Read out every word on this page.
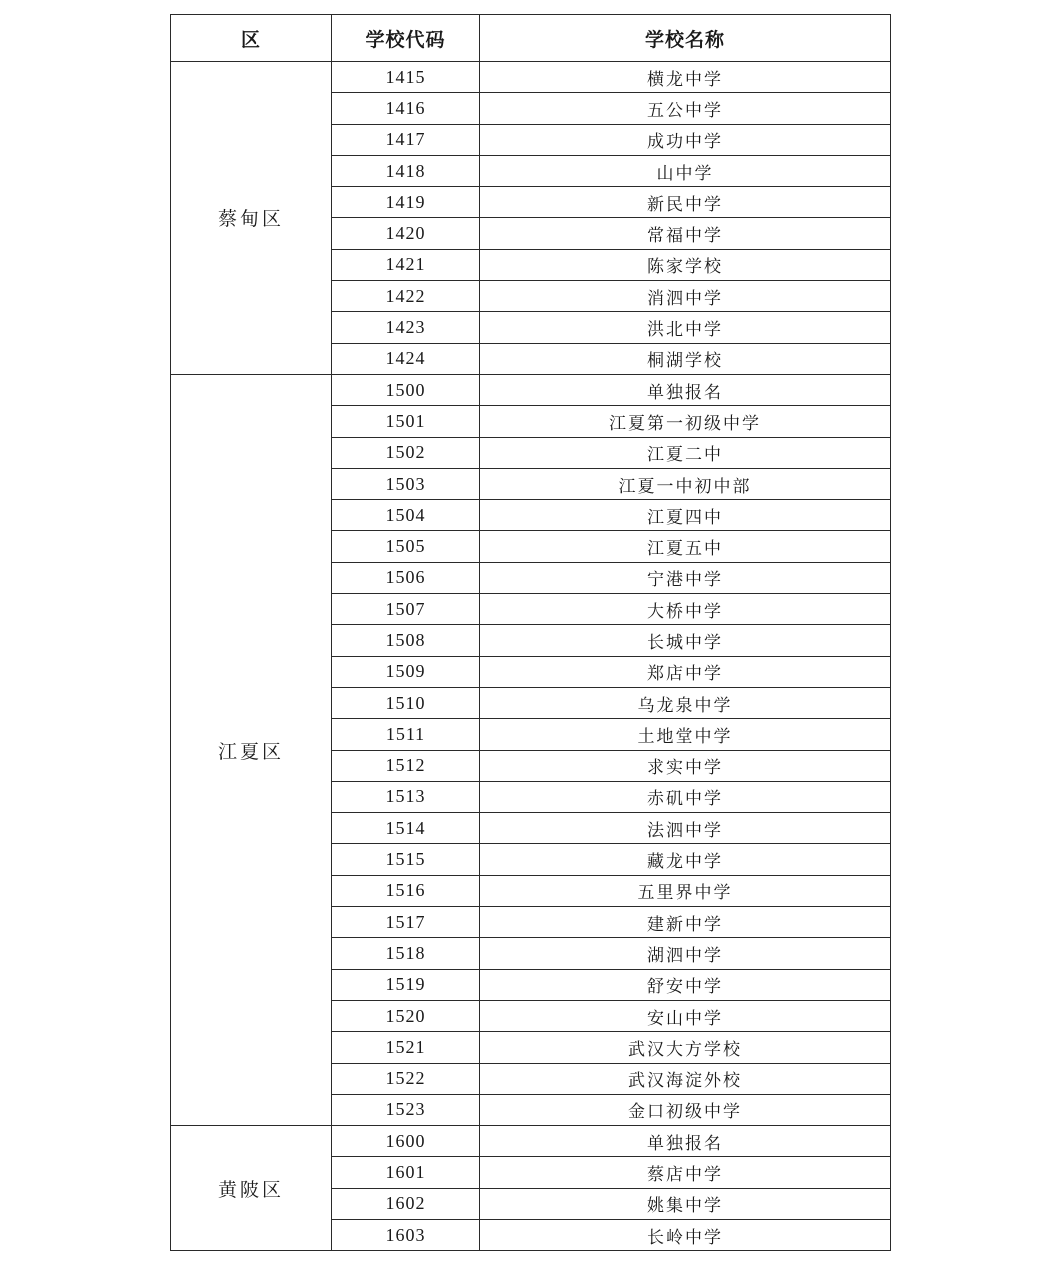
区	学校代码	学校名称
蔡甸区	1415	横龙中学
	1416	五公中学
	1417	成功中学
	1418	山中学
	1419	新民中学
	1420	常福中学
	1421	陈家学校
	1422	消泗中学
	1423	洪北中学
	1424	桐湖学校
江夏区	1500	单独报名
	1501	江夏第一初级中学
	1502	江夏二中
	1503	江夏一中初中部
	1504	江夏四中
	1505	江夏五中
	1506	宁港中学
	1507	大桥中学
	1508	长城中学
	1509	郑店中学
	1510	乌龙泉中学
	1511	土地堂中学
	1512	求实中学
	1513	赤矶中学
	1514	法泗中学
	1515	藏龙中学
	1516	五里界中学
	1517	建新中学
	1518	湖泗中学
	1519	舒安中学
	1520	安山中学
	1521	武汉大方学校
	1522	武汉海淀外校
	1523	金口初级中学
黄陂区	1600	单独报名
	1601	蔡店中学
	1602	姚集中学
	1603	长岭中学
